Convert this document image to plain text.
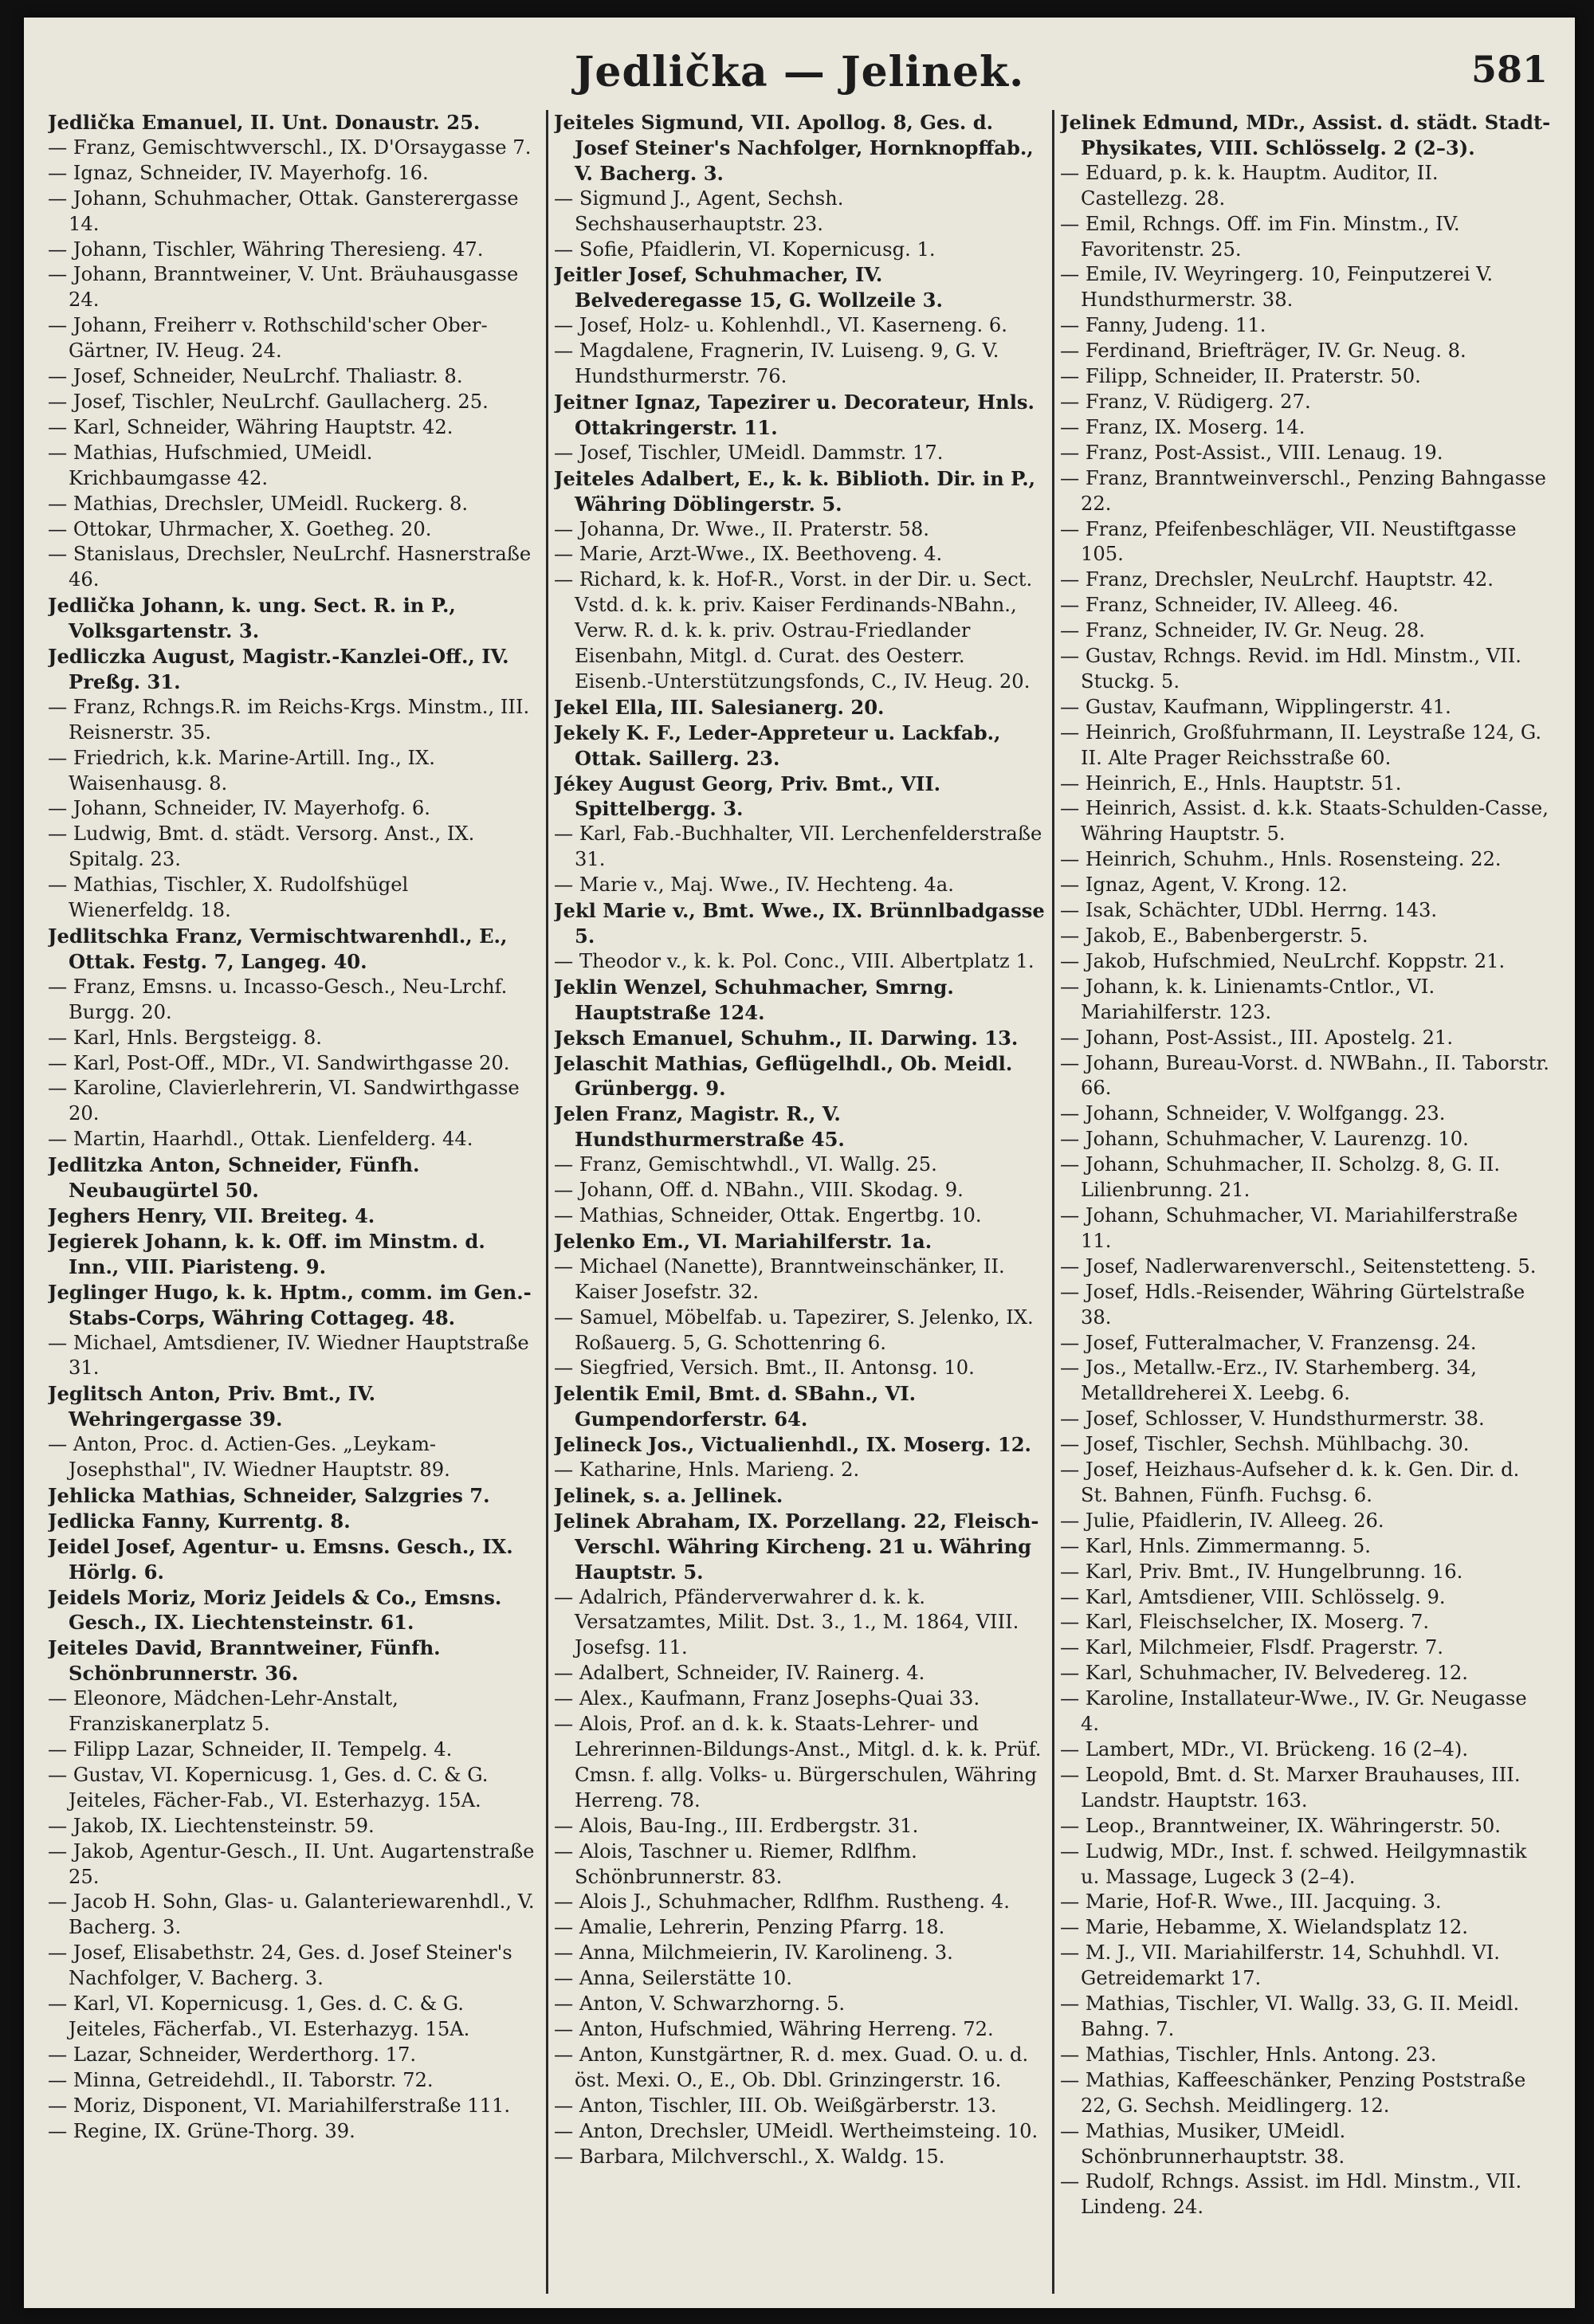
Jedlička — Jelinek.	581
Jedlička Emanuel, II. Unt. Donaustr. 25.
— Franz, Gemischtwverschl., IX. D'Orsaygasse 7.
— Ignaz, Schneider, IV. Mayerhofg. 16.
— Johann, Schuhmacher, Ottak. Gansterergasse 14.
— Johann, Tischler, Währing Theresieng. 47.
— Johann, Branntweiner, V. Unt. Bräuhausgasse 24.
— Johann, Freiherr v. Rothschild'scher Ober-Gärtner, IV. Heug. 24.
— Josef, Schneider, NeuLrchf. Thaliastr. 8.
— Josef, Tischler, NeuLrchf. Gaullacherg. 25.
— Karl, Schneider, Währing Hauptstr. 42.
— Mathias, Hufschmied, UMeidl. Krichbaumgasse 42.
— Mathias, Drechsler, UMeidl. Ruckerg. 8.
— Ottokar, Uhrmacher, X. Goetheg. 20.
— Stanislaus, Drechsler, NeuLrchf. Hasnerstraße 46.
Jedlička Johann, k. ung. Sect. R. in P., Volksgartenstr. 3.
Jedliczka August, Magistr.-Kanzlei-Off., IV. Preßg. 31.
— Franz, Rchngs.R. im Reichs-Krgs. Minstm., III. Reisnerstr. 35.
— Friedrich, k.k. Marine-Artill. Ing., IX. Waisenhausg. 8.
— Johann, Schneider, IV. Mayerhofg. 6.
— Ludwig, Bmt. d. städt. Versorg. Anst., IX. Spitalg. 23.
— Mathias, Tischler, X. Rudolfshügel Wienerfeldg. 18.
Jedlitschka Franz, Vermischtwarenhdl., E., Ottak. Festg. 7, Langeg. 40.
— Franz, Emsns. u. Incasso-Gesch., Neu-Lrchf. Burgg. 20.
— Karl, Hnls. Bergsteigg. 8.
— Karl, Post-Off., MDr., VI. Sandwirthgasse 20.
— Karoline, Clavierlehrerin, VI. Sandwirthgasse 20.
— Martin, Haarhdl., Ottak. Lienfelderg. 44.
Jedlitzka Anton, Schneider, Fünfh. Neubaugürtel 50.
Jeghers Henry, VII. Breiteg. 4.
Jegierek Johann, k. k. Off. im Minstm. d. Inn., VIII. Piaristeng. 9.
Jeglinger Hugo, k. k. Hptm., comm. im Gen.-Stabs-Corps, Währing Cottageg. 48.
— Michael, Amtsdiener, IV. Wiedner Hauptstraße 31.
Jeglitsch Anton, Priv. Bmt., IV. Wehringergasse 39.
— Anton, Proc. d. Actien-Ges. „Leykam-Josephsthal", IV. Wiedner Hauptstr. 89.
Jehlicka Mathias, Schneider, Salzgries 7.
Jedlicka Fanny, Kurrentg. 8.
Jeidel Josef, Agentur- u. Emsns. Gesch., IX. Hörlg. 6.
Jeidels Moriz, Moriz Jeidels & Co., Emsns. Gesch., IX. Liechtensteinstr. 61.
Jeiteles David, Branntweiner, Fünfh. Schönbrunnerstr. 36.
— Eleonore, Mädchen-Lehr-Anstalt, Franziskanerplatz 5.
— Filipp Lazar, Schneider, II. Tempelg. 4.
— Gustav, VI. Kopernicusg. 1, Ges. d. C. & G. Jeiteles, Fächer-Fab., VI. Esterhazyg. 15A.
— Jakob, IX. Liechtensteinstr. 59.
— Jakob, Agentur-Gesch., II. Unt. Augartenstraße 25.
— Jacob H. Sohn, Glas- u. Galanteriewarenhdl., V. Bacherg. 3.
— Josef, Elisabethstr. 24, Ges. d. Josef Steiner's Nachfolger, V. Bacherg. 3.
— Karl, VI. Kopernicusg. 1, Ges. d. C. & G. Jeiteles, Fächerfab., VI. Esterhazyg. 15A.
— Lazar, Schneider, Werderthorg. 17.
— Minna, Getreidehdl., II. Taborstr. 72.
— Moriz, Disponent, VI. Mariahilferstraße 111.
— Regine, IX. Grüne-Thorg. 39.
Jeiteles Sigmund, VII. Apollog. 8, Ges. d. Josef Steiner's Nachfolger, Hornknopffab., V. Bacherg. 3.
— Sigmund J., Agent, Sechsh. Sechshauserhauptstr. 23.
— Sofie, Pfaidlerin, VI. Kopernicusg. 1.
Jeitler Josef, Schuhmacher, IV. Belvederegasse 15, G. Wollzeile 3.
— Josef, Holz- u. Kohlenhdl., VI. Kaserneng. 6.
— Magdalene, Fragnerin, IV. Luiseng. 9, G. V. Hundsthurmerstr. 76.
Jeitner Ignaz, Tapezirer u. Decorateur, Hnls. Ottakringerstr. 11.
— Josef, Tischler, UMeidl. Dammstr. 17.
Jeiteles Adalbert, E., k. k. Biblioth. Dir. in P., Währing Döblingerstr. 5.
— Johanna, Dr. Wwe., II. Praterstr. 58.
— Marie, Arzt-Wwe., IX. Beethoveng. 4.
— Richard, k. k. Hof-R., Vorst. in der Dir. u. Sect. Vstd. d. k. k. priv. Kaiser Ferdinands-NBahn., Verw. R. d. k. k. priv. Ostrau-Friedlander Eisenbahn, Mitgl. d. Curat. des Oesterr. Eisenb.-Unterstützungsfonds, C., IV. Heug. 20.
Jekel Ella, III. Salesianerg. 20.
Jekely K. F., Leder-Appreteur u. Lackfab., Ottak. Saillerg. 23.
Jékey August Georg, Priv. Bmt., VII. Spittelbergg. 3.
— Karl, Fab.-Buchhalter, VII. Lerchenfelderstraße 31.
— Marie v., Maj. Wwe., IV. Hechteng. 4a.
Jekl Marie v., Bmt. Wwe., IX. Brünnlbadgasse 5.
— Theodor v., k. k. Pol. Conc., VIII. Albertplatz 1.
Jeklin Wenzel, Schuhmacher, Smrng. Hauptstraße 124.
Jeksch Emanuel, Schuhm., II. Darwing. 13.
Jelaschit Mathias, Geflügelhdl., Ob. Meidl. Grünbergg. 9.
Jelen Franz, Magistr. R., V. Hundsthurmerstraße 45.
— Franz, Gemischtwhdl., VI. Wallg. 25.
— Johann, Off. d. NBahn., VIII. Skodag. 9.
— Mathias, Schneider, Ottak. Engertbg. 10.
Jelenko Em., VI. Mariahilferstr. 1a.
— Michael (Nanette), Branntweinschänker, II. Kaiser Josefstr. 32.
— Samuel, Möbelfab. u. Tapezirer, S. Jelenko, IX. Roßauerg. 5, G. Schottenring 6.
— Siegfried, Versich. Bmt., II. Antonsg. 10.
Jelentik Emil, Bmt. d. SBahn., VI. Gumpendorferstr. 64.
Jelineck Jos., Victualienhdl., IX. Moserg. 12.
— Katharine, Hnls. Marieng. 2.
Jelinek, s. a. Jellinek.
Jelinek Abraham, IX. Porzellang. 22, Fleisch-Verschl. Währing Kircheng. 21 u. Währing Hauptstr. 5.
— Adalrich, Pfänderverwahrer d. k. k. Versatzamtes, Milit. Dst. 3., 1., M. 1864, VIII. Josefsg. 11.
— Adalbert, Schneider, IV. Rainerg. 4.
— Alex., Kaufmann, Franz Josephs-Quai 33.
— Alois, Prof. an d. k. k. Staats-Lehrer- und Lehrerinnen-Bildungs-Anst., Mitgl. d. k. k. Prüf. Cmsn. f. allg. Volks- u. Bürgerschulen, Währing Herreng. 78.
— Alois, Bau-Ing., III. Erdbergstr. 31.
— Alois, Taschner u. Riemer, Rdlfhm. Schönbrunnerstr. 83.
— Alois J., Schuhmacher, Rdlfhm. Rustheng. 4.
— Amalie, Lehrerin, Penzing Pfarrg. 18.
— Anna, Milchmeierin, IV. Karolineng. 3.
— Anna, Seilerstätte 10.
— Anton, V. Schwarzhorng. 5.
— Anton, Hufschmied, Währing Herreng. 72.
— Anton, Kunstgärtner, R. d. mex. Guad. O. u. d. öst. Mexi. O., E., Ob. Dbl. Grinzingerstr. 16.
— Anton, Tischler, III. Ob. Weißgärberstr. 13.
— Anton, Drechsler, UMeidl. Wertheimsteing. 10.
— Barbara, Milchverschl., X. Waldg. 15.
Jelinek Edmund, MDr., Assist. d. städt. Stadt-Physikates, VIII. Schlösselg. 2 (2–3).
— Eduard, p. k. k. Hauptm. Auditor, II. Castellezg. 28.
— Emil, Rchngs. Off. im Fin. Minstm., IV. Favoritenstr. 25.
— Emile, IV. Weyringerg. 10, Feinputzerei V. Hundsthurmerstr. 38.
— Fanny, Judeng. 11.
— Ferdinand, Briefträger, IV. Gr. Neug. 8.
— Filipp, Schneider, II. Praterstr. 50.
— Franz, V. Rüdigerg. 27.
— Franz, IX. Moserg. 14.
— Franz, Post-Assist., VIII. Lenaug. 19.
— Franz, Branntweinverschl., Penzing Bahngasse 22.
— Franz, Pfeifenbeschläger, VII. Neustiftgasse 105.
— Franz, Drechsler, NeuLrchf. Hauptstr. 42.
— Franz, Schneider, IV. Alleeg. 46.
— Franz, Schneider, IV. Gr. Neug. 28.
— Gustav, Rchngs. Revid. im Hdl. Minstm., VII. Stuckg. 5.
— Gustav, Kaufmann, Wipplingerstr. 41.
— Heinrich, Großfuhrmann, II. Leystraße 124, G. II. Alte Prager Reichsstraße 60.
— Heinrich, E., Hnls. Hauptstr. 51.
— Heinrich, Assist. d. k.k. Staats-Schulden-Casse, Währing Hauptstr. 5.
— Heinrich, Schuhm., Hnls. Rosensteing. 22.
— Ignaz, Agent, V. Krong. 12.
— Isak, Schächter, UDbl. Herrng. 143.
— Jakob, E., Babenbergerstr. 5.
— Jakob, Hufschmied, NeuLrchf. Koppstr. 21.
— Johann, k. k. Linienamts-Cntlor., VI. Mariahilferstr. 123.
— Johann, Post-Assist., III. Apostelg. 21.
— Johann, Bureau-Vorst. d. NWBahn., II. Taborstr. 66.
— Johann, Schneider, V. Wolfgangg. 23.
— Johann, Schuhmacher, V. Laurenzg. 10.
— Johann, Schuhmacher, II. Scholzg. 8, G. II. Lilienbrunng. 21.
— Johann, Schuhmacher, VI. Mariahilferstraße 11.
— Josef, Nadlerwarenverschl., Seitenstetteng. 5.
— Josef, Hdls.-Reisender, Währing Gürtelstraße 38.
— Josef, Futteralmacher, V. Franzensg. 24.
— Jos., Metallw.-Erz., IV. Starhemberg. 34, Metalldreherei X. Leebg. 6.
— Josef, Schlosser, V. Hundsthurmerstr. 38.
— Josef, Tischler, Sechsh. Mühlbachg. 30.
— Josef, Heizhaus-Aufseher d. k. k. Gen. Dir. d. St. Bahnen, Fünfh. Fuchsg. 6.
— Julie, Pfaidlerin, IV. Alleeg. 26.
— Karl, Hnls. Zimmermanng. 5.
— Karl, Priv. Bmt., IV. Hungelbrunng. 16.
— Karl, Amtsdiener, VIII. Schlösselg. 9.
— Karl, Fleischselcher, IX. Moserg. 7.
— Karl, Milchmeier, Flsdf. Pragerstr. 7.
— Karl, Schuhmacher, IV. Belvedereg. 12.
— Karoline, Installateur-Wwe., IV. Gr. Neugasse 4.
— Lambert, MDr., VI. Brückeng. 16 (2–4).
— Leopold, Bmt. d. St. Marxer Brauhauses, III. Landstr. Hauptstr. 163.
— Leop., Branntweiner, IX. Währingerstr. 50.
— Ludwig, MDr., Inst. f. schwed. Heilgymnastik u. Massage, Lugeck 3 (2–4).
— Marie, Hof-R. Wwe., III. Jacquing. 3.
— Marie, Hebamme, X. Wielandsplatz 12.
— M. J., VII. Mariahilferstr. 14, Schuhhdl. VI. Getreidemarkt 17.
— Mathias, Tischler, VI. Wallg. 33, G. II. Meidl. Bahng. 7.
— Mathias, Tischler, Hnls. Antong. 23.
— Mathias, Kaffeeschänker, Penzing Poststraße 22, G. Sechsh. Meidlingerg. 12.
— Mathias, Musiker, UMeidl. Schönbrunnerhauptstr. 38.
— Rudolf, Rchngs. Assist. im Hdl. Minstm., VII. Lindeng. 24.
